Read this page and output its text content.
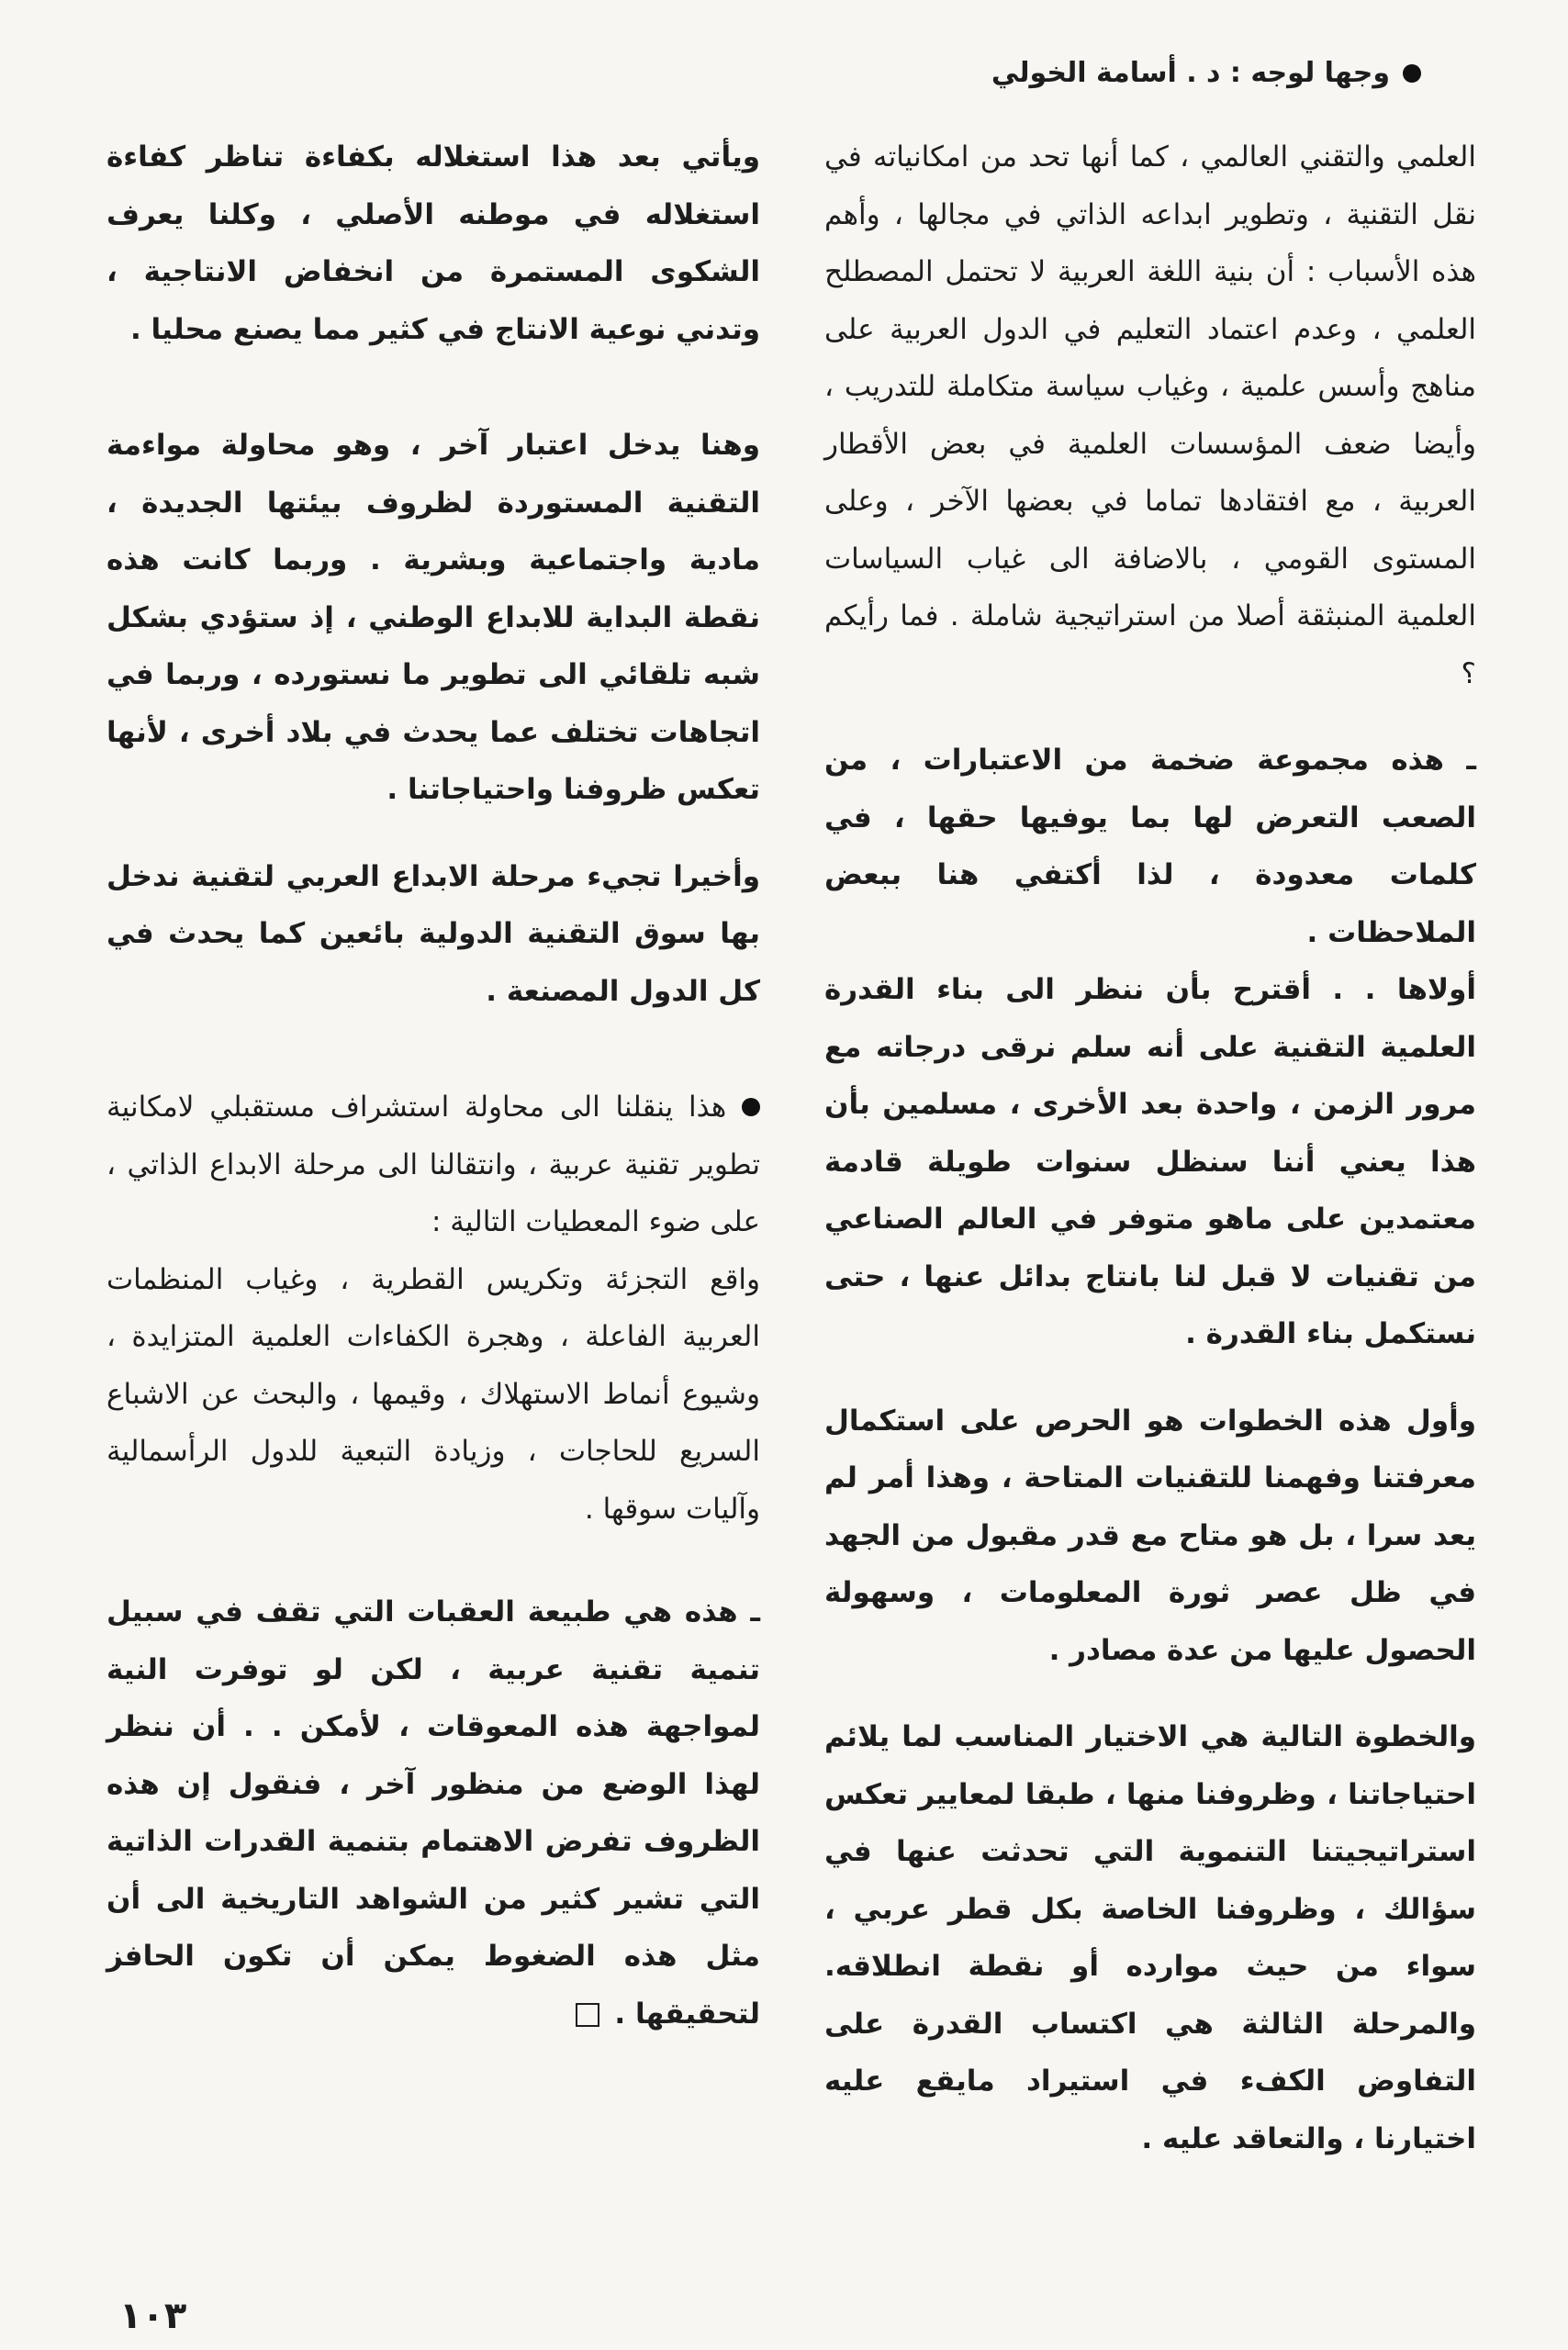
وجها لوجه : د . أسامة الخولي

العلمي والتقني العالمي ، كما أنها تحد من امكانياته في نقل التقنية ، وتطوير ابداعه الذاتي في مجالها ، وأهم هذه الأسباب : أن بنية اللغة العربية لا تحتمل المصطلح العلمي ، وعدم اعتماد التعليم في الدول العربية على مناهج وأسس علمية ، وغياب سياسة متكاملة للتدريب ، وأيضا ضعف المؤسسات العلمية في بعض الأقطار العربية ، مع افتقادها تماما في بعضها الآخر ، وعلى المستوى القومي ، بالاضافة الى غياب السياسات العلمية المنبثقة أصلا من استراتيجية شاملة . فما رأيكم ؟

ـ هذه مجموعة ضخمة من الاعتبارات ، من الصعب التعرض لها بما يوفيها حقها ، في كلمات معدودة ، لذا أكتفي هنا ببعض الملاحظات .

أولاها . . أقترح بأن ننظر الى بناء القدرة العلمية التقنية على أنه سلم نرقى درجاته مع مرور الزمن ، واحدة بعد الأخرى ، مسلمين بأن هذا يعني أننا سنظل سنوات طويلة قادمة معتمدين على ماهو متوفر في العالم الصناعي من تقنيات لا قبل لنا بانتاج بدائل عنها ، حتى نستكمل بناء القدرة .

وأول هذه الخطوات هو الحرص على استكمال معرفتنا وفهمنا للتقنيات المتاحة ، وهذا أمر لم يعد سرا ، بل هو متاح مع قدر مقبول من الجهد في ظل عصر ثورة المعلومات ، وسهولة الحصول عليها من عدة مصادر .

والخطوة التالية هي الاختيار المناسب لما يلائم احتياجاتنا ، وظروفنا منها ، طبقا لمعايير تعكس استراتيجيتنا التنموية التي تحدثت عنها في سؤالك ، وظروفنا الخاصة بكل قطر عربي ، سواء من حيث موارده أو نقطة انطلاقه. والمرحلة الثالثة هي اكتساب القدرة على التفاوض الكفء في استيراد مايقع عليه اختيارنا ، والتعاقد عليه .

ويأتي بعد هذا استغلاله بكفاءة تناظر كفاءة استغلاله في موطنه الأصلي ، وكلنا يعرف الشكوى المستمرة من انخفاض الانتاجية ، وتدني نوعية الانتاج في كثير مما يصنع محليا .

وهنا يدخل اعتبار آخر ، وهو محاولة مواءمة التقنية المستوردة لظروف بيئتها الجديدة ، مادية واجتماعية وبشرية . وربما كانت هذه نقطة البداية للابداع الوطني ، إذ ستؤدي بشكل شبه تلقائي الى تطوير ما نستورده ، وربما في اتجاهات تختلف عما يحدث في بلاد أخرى ، لأنها تعكس ظروفنا واحتياجاتنا .

وأخيرا تجيء مرحلة الابداع العربي لتقنية ندخل بها سوق التقنية الدولية بائعين كما يحدث في كل الدول المصنعة .

هذا ينقلنا الى محاولة استشراف مستقبلي لامكانية تطوير تقنية عربية ، وانتقالنا الى مرحلة الابداع الذاتي ، على ضوء المعطيات التالية :

واقع التجزئة وتكريس القطرية ، وغياب المنظمات العربية الفاعلة ، وهجرة الكفاءات العلمية المتزايدة ، وشيوع أنماط الاستهلاك ، وقيمها ، والبحث عن الاشباع السريع للحاجات ، وزيادة التبعية للدول الرأسمالية وآليات سوقها .

ـ هذه هي طبيعة العقبات التي تقف في سبيل تنمية تقنية عربية ، لكن لو توفرت النية لمواجهة هذه المعوقات ، لأمكن . . أن ننظر لهذا الوضع من منظور آخر ، فنقول إن هذه الظروف تفرض الاهتمام بتنمية القدرات الذاتية التي تشير كثير من الشواهد التاريخية الى أن مثل هذه الضغوط يمكن أن تكون الحافز لتحقيقها .

١٠٣
